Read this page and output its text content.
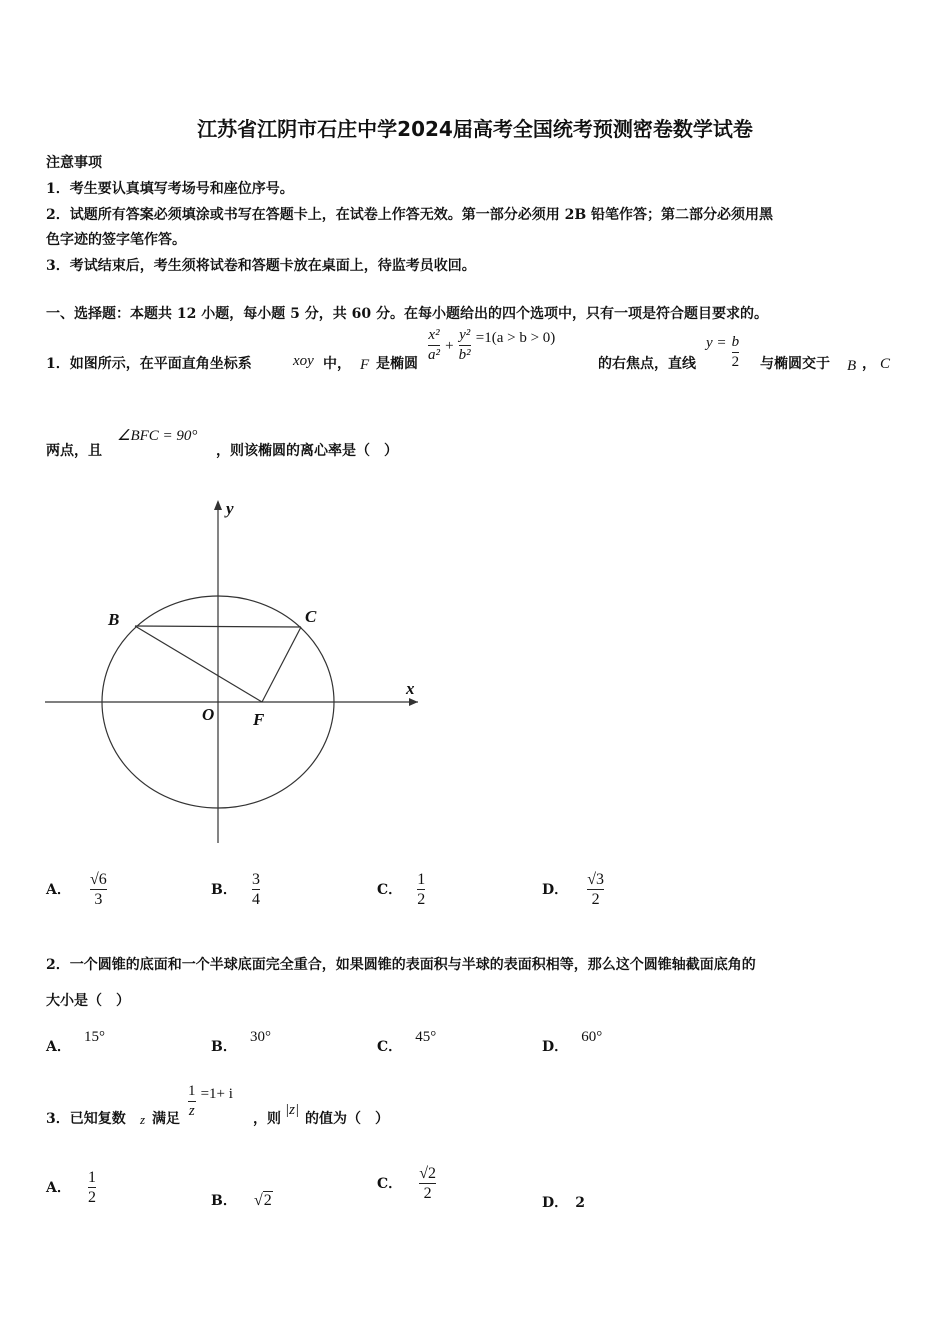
江苏省江阴市石庄中学2024届高考全国统考预测密卷数学试卷
注意事项
1．考生要认真填写考场号和座位序号。
2．试题所有答案必须填涂或书写在答题卡上，在试卷上作答无效。第一部分必须用 2B 铅笔作答；第二部分必须用黑
色字迹的签字笔作答。
3．考试结束后，考生须将试卷和答题卡放在桌面上，待监考员收回。
一、选择题：本题共 12 小题，每小题 5 分，共 60 分。在每小题给出的四个选项中，只有一项是符合题目要求的。
1．如图所示，在平面直角坐标系	xoy 中， F 是椭圆 $\frac{\text{x²}}{\text{a²}} + \frac{\text{y²}}{\text{b²}} =1(a > b > 0)$
的右焦点，直线
$y = \frac{b}{2}$ 与椭圆交于 B ， C
两点，且
∠BFC = 90°
，则该椭圆的离心率是（　）
B	C
O F
x
y
A． $\frac{√6}{3}$	B． $\frac{3}{4}$	C． $\frac{1}{2}$	D． $\frac{√3}{2}$
2．一个圆锥的底面和一个半球底面完全重合，如果圆锥的表面积与半球的表面积相等，那么这个圆锥轴截面底角的
大小是（　）
A． 15°
B． 30°
C． 45°
D． 60°
3．已知复数 z 满足 $\frac{1}{z} =1+ i$
，则
|z|
的值为（　）
A． $\frac{1}{2}$	B． √2
C． $\frac{√2}{2}$	D． 2
